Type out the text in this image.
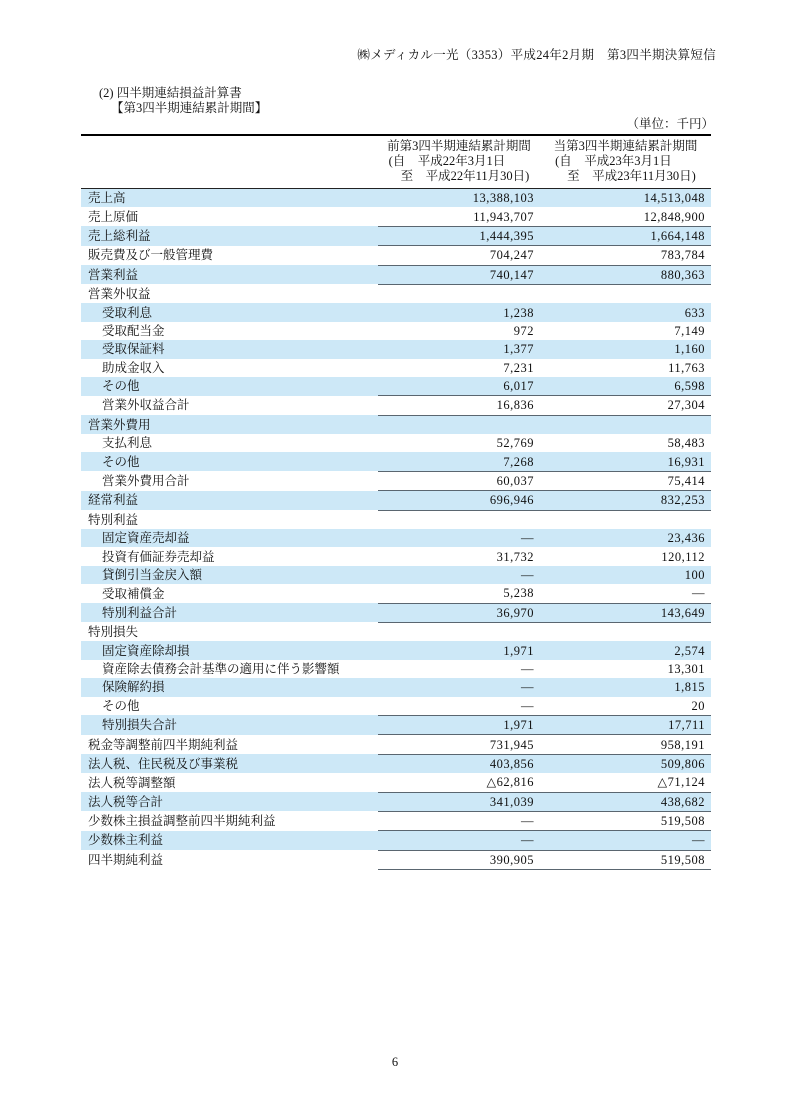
㈱メディカル一光（3353）平成24年2月期　第3四半期決算短信
(2) 四半期連結損益計算書
【第3四半期連結累計期間】
（単位：千円）

前第3四半期連結累計期間
(自　平成22年3月1日
至　平成22年11月30日)

当第3四半期連結累計期間
(自　平成23年3月1日
至　平成23年11月30日)

売上高	13,388,103	14,513,048
売上原価	11,943,707	12,848,900
売上総利益	1,444,395	1,664,148
販売費及び一般管理費	704,247	783,784
営業利益	740,147	880,363
営業外収益		
受取利息	1,238	633
受取配当金	972	7,149
受取保証料	1,377	1,160
助成金収入	7,231	11,763
その他	6,017	6,598
営業外収益合計	16,836	27,304
営業外費用		
支払利息	52,769	58,483
その他	7,268	16,931
営業外費用合計	60,037	75,414
経常利益	696,946	832,253
特別利益		
固定資産売却益	―	23,436
投資有価証券売却益	31,732	120,112
貸倒引当金戻入額	―	100
受取補償金	5,238	―
特別利益合計	36,970	143,649
特別損失		
固定資産除却損	1,971	2,574
資産除去債務会計基準の適用に伴う影響額	―	13,301
保険解約損	―	1,815
その他	―	20
特別損失合計	1,971	17,711
税金等調整前四半期純利益	731,945	958,191
法人税、住民税及び事業税	403,856	509,806
法人税等調整額	△62,816	△71,124
法人税等合計	341,039	438,682
少数株主損益調整前四半期純利益	―	519,508
少数株主利益	―	―
四半期純利益	390,905	519,508
6
